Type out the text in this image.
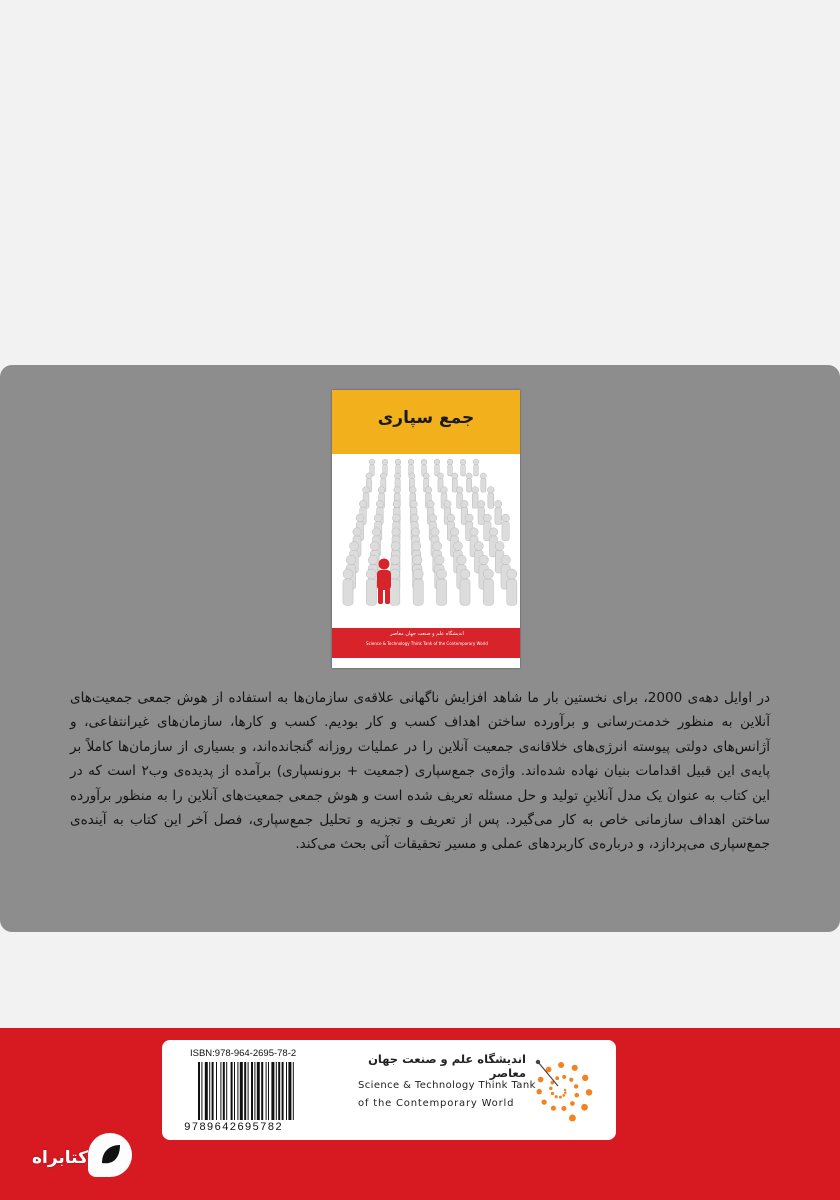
جمع سپاری
اندیشگاه علم و صنعت جهان معاصر
Science & Technology Think Tank of the Contemporary World
در اوایل دهه‌ی 2000، برای نخستین بار ما شاهد افزایش ناگهانی علاقه‌ی سازمان‌ها به استفاده از هوش جمعی جمعیت‌های آنلاین به منظور خدمت‌رسانی و برآورده ساختن اهداف کسب و کار بودیم. کسب و کارها، سازمان‌های غیرانتفاعی، و آژانس‌های دولتی پیوسته انرژی‌های خلاقانه‌ی جمعیت آنلاین را در عملیات روزانه گنجانده‌اند، و بسیاری از سازمان‌ها کاملاً بر پایه‌ی این قبیل اقدامات بنیان نهاده شده‌اند. واژه‌ی جمع‌سپاری (جمعیت + برونسپاری) برآمده از پدیده‌ی وب۲ است که در این کتاب به عنوان یک مدل آنلاینِ تولید و حل مسئله تعریف شده است و هوش جمعی جمعیت‌های آنلاین را به منظور برآورده ساختن اهداف سازمانی خاص به کار می‌گیرد. پس از تعریف و تجزیه و تحلیل جمع‌سپاری، فصل آخر این کتاب به آینده‌ی جمع‌سپاری می‌پردازد، و درباره‌ی کاربردهای عملی و مسیر تحقیقات آتی بحث می‌کند.
ISBN:978-964-2695-78-2
9789642695782
اندیشگاه علم و صنعت جهان معاصر
Science & Technology Think Tank
of the Contemporary World
کتابراه
